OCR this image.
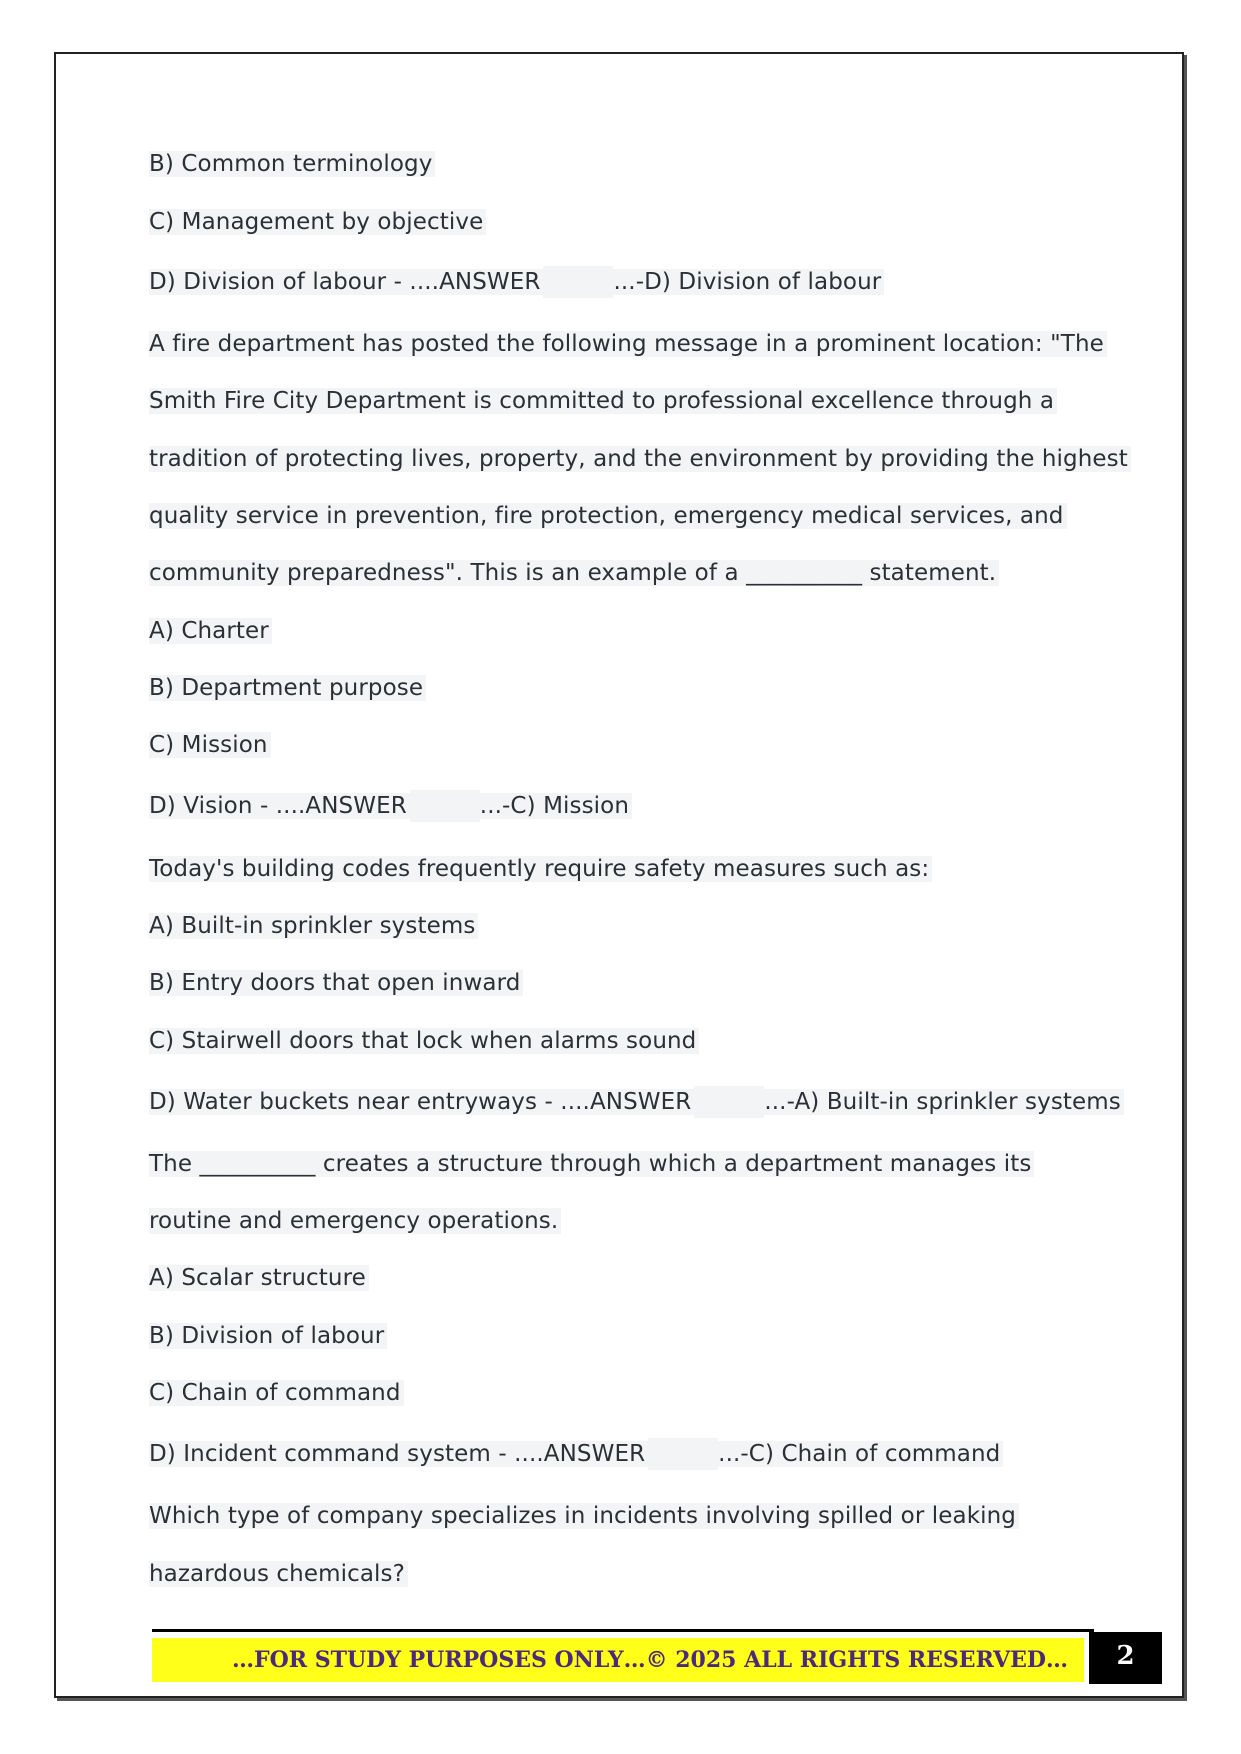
B) Common terminology
C) Management by objective
D) Division of labour - ....ANSWER	...-D) Division of labour
A fire department has posted the following message in a prominent location: "The
Smith Fire City Department is committed to professional excellence through a
tradition of protecting lives, property, and the environment by providing the highest
quality service in prevention, fire protection, emergency medical services, and
community preparedness". This is an example of a __________ statement.
A) Charter
B) Department purpose
C) Mission
D) Vision - ....ANSWER	...-C) Mission
Today's building codes frequently require safety measures such as:
A) Built-in sprinkler systems
B) Entry doors that open inward
C) Stairwell doors that lock when alarms sound
D) Water buckets near entryways - ....ANSWER	...-A) Built-in sprinkler systems
The __________ creates a structure through which a department manages its
routine and emergency operations.
A) Scalar structure
B) Division of labour
C) Chain of command
D) Incident command system - ....ANSWER	...-C) Chain of command
Which type of company specializes in incidents involving spilled or leaking
hazardous chemicals?
…FOR STUDY PURPOSES ONLY…© 2025 ALL RIGHTS RESERVED…	2
